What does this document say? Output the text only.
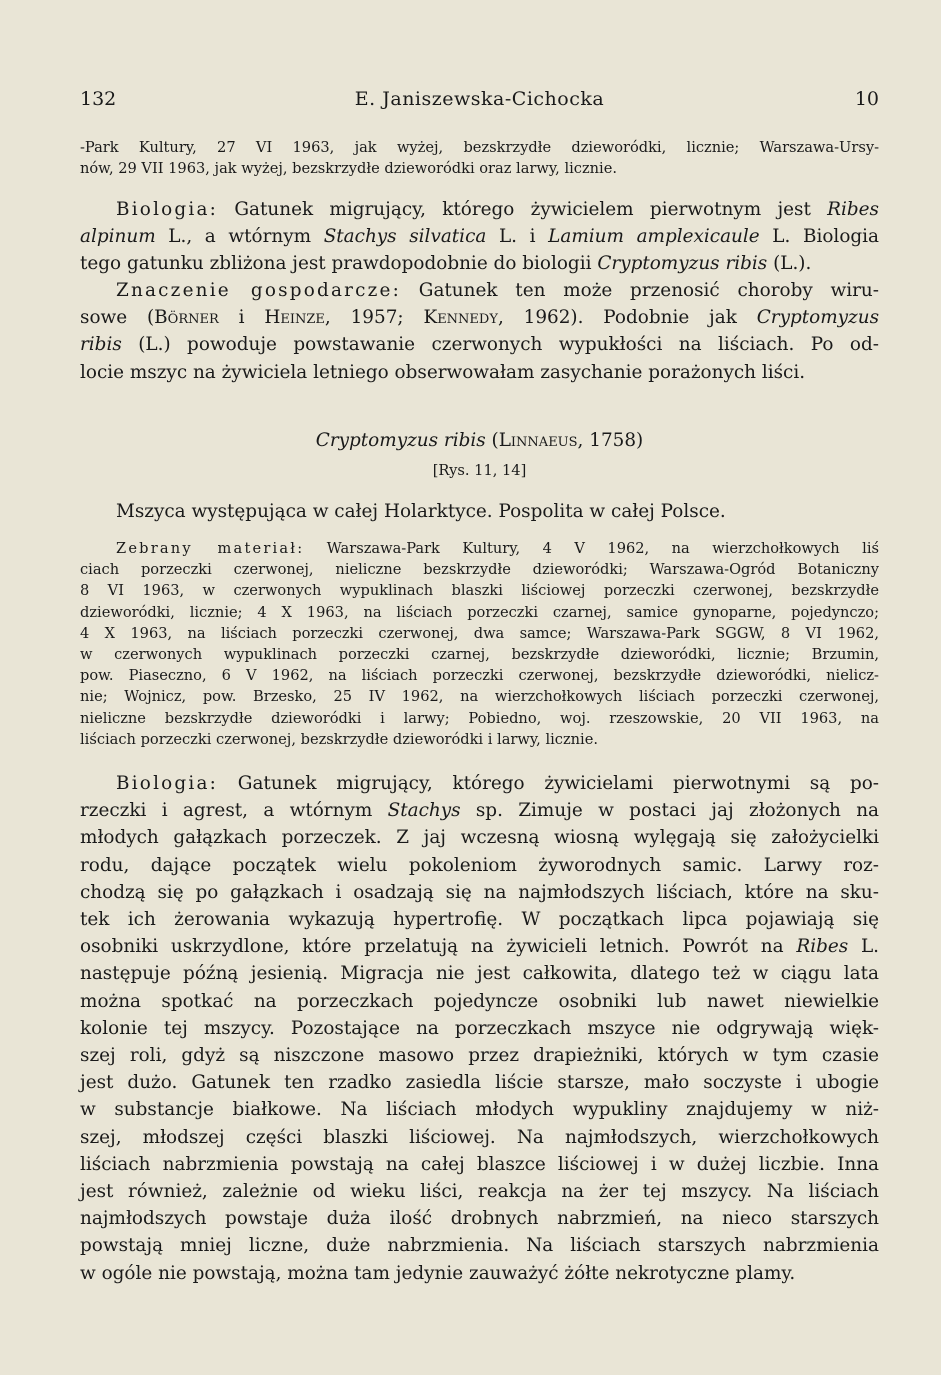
132	E. Janiszewska-Cichocka	10

-Park Kultury, 27 VI 1963, jak wyżej, bezskrzydłe dzieworódki, licznie; Warszawa-Ursy-

nów, 29 VII 1963, jak wyżej, bezskrzydłe dzieworódki oraz larwy, licznie.

Biologia: Gatunek migrujący, którego żywicielem pierwotnym jest Ribes

alpinum L., a wtórnym Stachys silvatica L. i Lamium amplexicaule L. Biologia

tego gatunku zbliżona jest prawdopodobnie do biologii Cryptomyzus ribis (L.).

Znaczenie gospodarcze: Gatunek ten może przenosić choroby wiru-

sowe (Börner i Heinze, 1957; Kennedy, 1962). Podobnie jak Cryptomyzus

ribis (L.) powoduje powstawanie czerwonych wypukłości na liściach. Po od-

locie mszyc na żywiciela letniego obserwowałam zasychanie porażonych liści.

Cryptomyzus ribis (Linnaeus, 1758)

[Rys. 11, 14]

Mszyca występująca w całej Holarktyce. Pospolita w całej Polsce.

Zebrany materiał: Warszawa-Park Kultury, 4 V 1962, na wierzchołkowych liś

ciach porzeczki czerwonej, nieliczne bezskrzydłe dzieworódki; Warszawa-Ogród Botaniczny

8 VI 1963, w czerwonych wypuklinach blaszki liściowej porzeczki czerwonej, bezskrzydłe

dzieworódki, licznie; 4 X 1963, na liściach porzeczki czarnej, samice gynoparne, pojedynczo;

4 X 1963, na liściach porzeczki czerwonej, dwa samce; Warszawa-Park SGGW, 8 VI 1962,

w czerwonych wypuklinach porzeczki czarnej, bezskrzydłe dzieworódki, licznie; Brzumin,

pow. Piaseczno, 6 V 1962, na liściach porzeczki czerwonej, bezskrzydłe dzieworódki, nielicz-

nie; Wojnicz, pow. Brzesko, 25 IV 1962, na wierzchołkowych liściach porzeczki czerwonej,

nieliczne bezskrzydłe dzieworódki i larwy; Pobiedno, woj. rzeszowskie, 20 VII 1963, na

liściach porzeczki czerwonej, bezskrzydłe dzieworódki i larwy, licznie.

Biologia: Gatunek migrujący, którego żywicielami pierwotnymi są po-

rzeczki i agrest, a wtórnym Stachys sp. Zimuje w postaci jaj złożonych na

młodych gałązkach porzeczek. Z jaj wczesną wiosną wylęgają się założycielki

rodu, dające początek wielu pokoleniom żyworodnych samic. Larwy roz-

chodzą się po gałązkach i osadzają się na najmłodszych liściach, które na sku-

tek ich żerowania wykazują hypertrofię. W początkach lipca pojawiają się

osobniki uskrzydlone, które przelatują na żywicieli letnich. Powrót na Ribes L.

następuje późną jesienią. Migracja nie jest całkowita, dlatego też w ciągu lata

można spotkać na porzeczkach pojedyncze osobniki lub nawet niewielkie

kolonie tej mszycy. Pozostające na porzeczkach mszyce nie odgrywają więk-

szej roli, gdyż są niszczone masowo przez drapieżniki, których w tym czasie

jest dużo. Gatunek ten rzadko zasiedla liście starsze, mało soczyste i ubogie

w substancje białkowe. Na liściach młodych wypukliny znajdujemy w niż-

szej, młodszej części blaszki liściowej. Na najmłodszych, wierzchołkowych

liściach nabrzmienia powstają na całej blaszce liściowej i w dużej liczbie. Inna

jest również, zależnie od wieku liści, reakcja na żer tej mszycy. Na liściach

najmłodszych powstaje duża ilość drobnych nabrzmień, na nieco starszych

powstają mniej liczne, duże nabrzmienia. Na liściach starszych nabrzmienia

w ogóle nie powstają, można tam jedynie zauważyć żółte nekrotyczne plamy.
